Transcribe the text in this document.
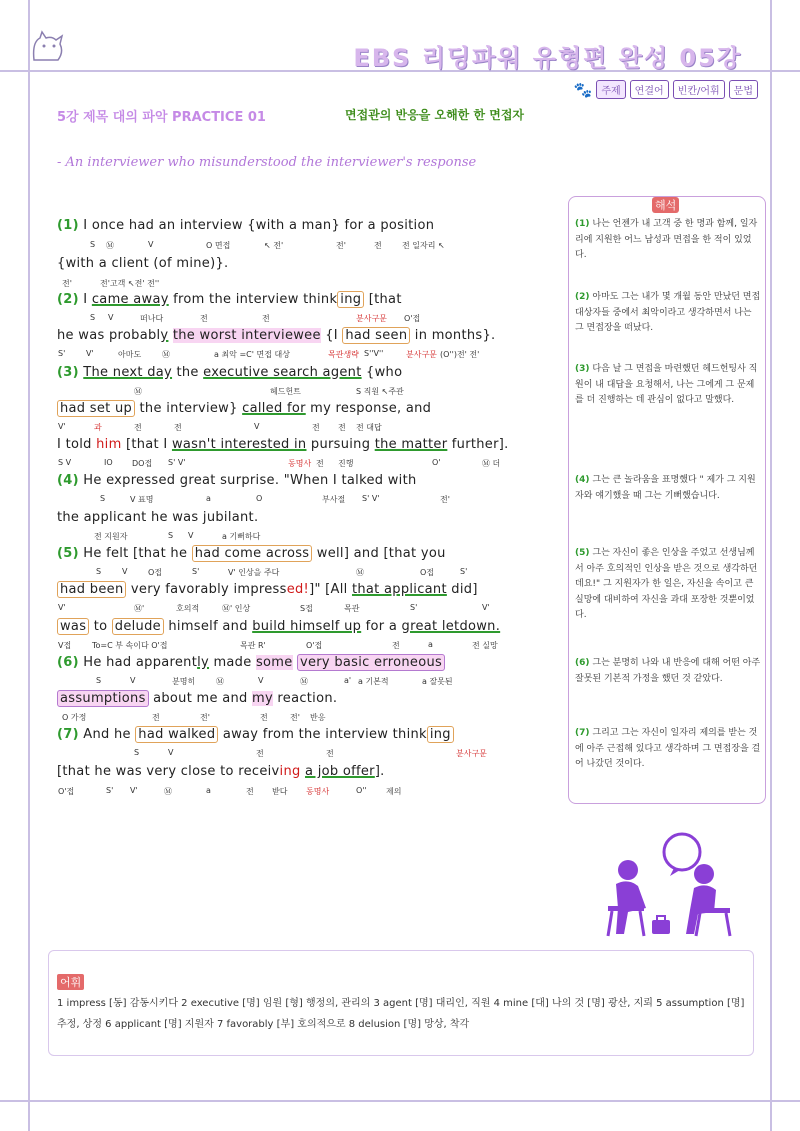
EBS 리딩파워 유형편 완성 05강
🐾 주제	연결어	빈칸/어휘	문법
5강 제목 대의 파악 PRACTICE 01	면접관의 반응을 오해한 한 면접자
- An interviewer who misunderstood the interviewer's response
(1) I once had an interview {with a man} for a position
S Ⓜ	V	O 면접	↖ 전'	전'	전	전 일자리 ↖
{with a client (of mine)}.
전'	전'고객 ↖전' 전''
(2) I came away from the interview think ing [that
S V	떠나다	전	전	분사구문 O'접
he was probably the worst interviewee {I had seen in months}.
S'	V'	아마도	Ⓜ	a 최악 =C' 면접 대상	목관생략 S''V''	분사구문 (O'')전' 전'
(3) The next day the executive search agent {who
Ⓜ	헤드헌트	S 직원 ↖주관
had set up the interview} called for my response, and
V'	과	전	전	V	전 전 전 대답
I told him [that I wasn't interested in pursuing the matter further].
S V	IO DO접 S' V'	동명사 전 진행	O'	Ⓜ 더
(4) He expressed great surprise. "When I talked with
S	V 표명	a	O	부사절 S' V'	전'
the applicant he was jubilant.
전 지원자	S V	a 기뻐하다
(5) He felt [that he had come across well] and [that you
S	V	O접	S'	V' 인상을 주다	Ⓜ	O접	S'
had been very favorably impressed!]" [All that applicant did]
V'	Ⓜ'	호의적	Ⓜ' 인상	S접	목관	S'	V'
was to delude himself and build himself up for a great letdown.
V접	To=C 부 속이다 O'접	목관 R'	O'접	전	a	전 실망
(6) He had apparently made some very basic erroneous
S	V	분명히	Ⓜ	V	Ⓜ	a' a 기본적	a 잘못된
assumptions about me and my reaction.
O 가정	전	전'	전	전' 반응
(7) And he had walked away from the interview think ing
S	V	전	전	분사구문
[that he was very close to receiving a job offer].
O'접	S' V'	Ⓜ	a	전 받다 동명사	O'' 제의
해석
(1) 나는 언젠가 내 고객 중 한 명과 함께, 일자리에 지원한 어느 남성과 면접을 한 적이 있었다.
(2) 아마도 그는 내가 몇 개월 동안 만났던 면접 대상자들 중에서 최악이라고 생각하면서 나는 그 면접장을 떠났다.
(3) 다음 날 그 면접을 마련했던 헤드헌팅사 직원이 내 대답을 요청해서, 나는 그에게 그 문제를 더 진행하는 데 관심이 없다고 말했다.
(4) 그는 큰 놀라움을 표명했다 " 제가 그 지원자와 얘기했을 때 그는 기뻐했습니다.
(5) 그는 자신이 좋은 인상을 주었고 선생님께서 아주 호의적인 인상을 받은 것으로 생각하던데요!" 그 지원자가 한 일은, 자신을 속이고 큰 실망에 대비하여 자신을 과대 포장한 것뿐이었다.
(6) 그는 분명히 나와 내 반응에 대해 어떤 아주 잘못된 기본적 가정을 했던 것 같았다.
(7) 그리고 그는 자신이 일자리 제의를 받는 것에 아주 근접해 있다고 생각하며 그 면접장을 걸어 나갔던 것이다.
어휘
1 impress [동] 감동시키다 2 executive [명] 임원 [형] 행정의, 관리의 3 agent [명] 대리인, 직원 4 mine [대] 나의 것 [명] 광산, 지뢰 5 assumption [명] 추정, 상정 6 applicant [명] 지원자 7 favorably [부] 호의적으로 8 delusion [명] 망상, 착각
